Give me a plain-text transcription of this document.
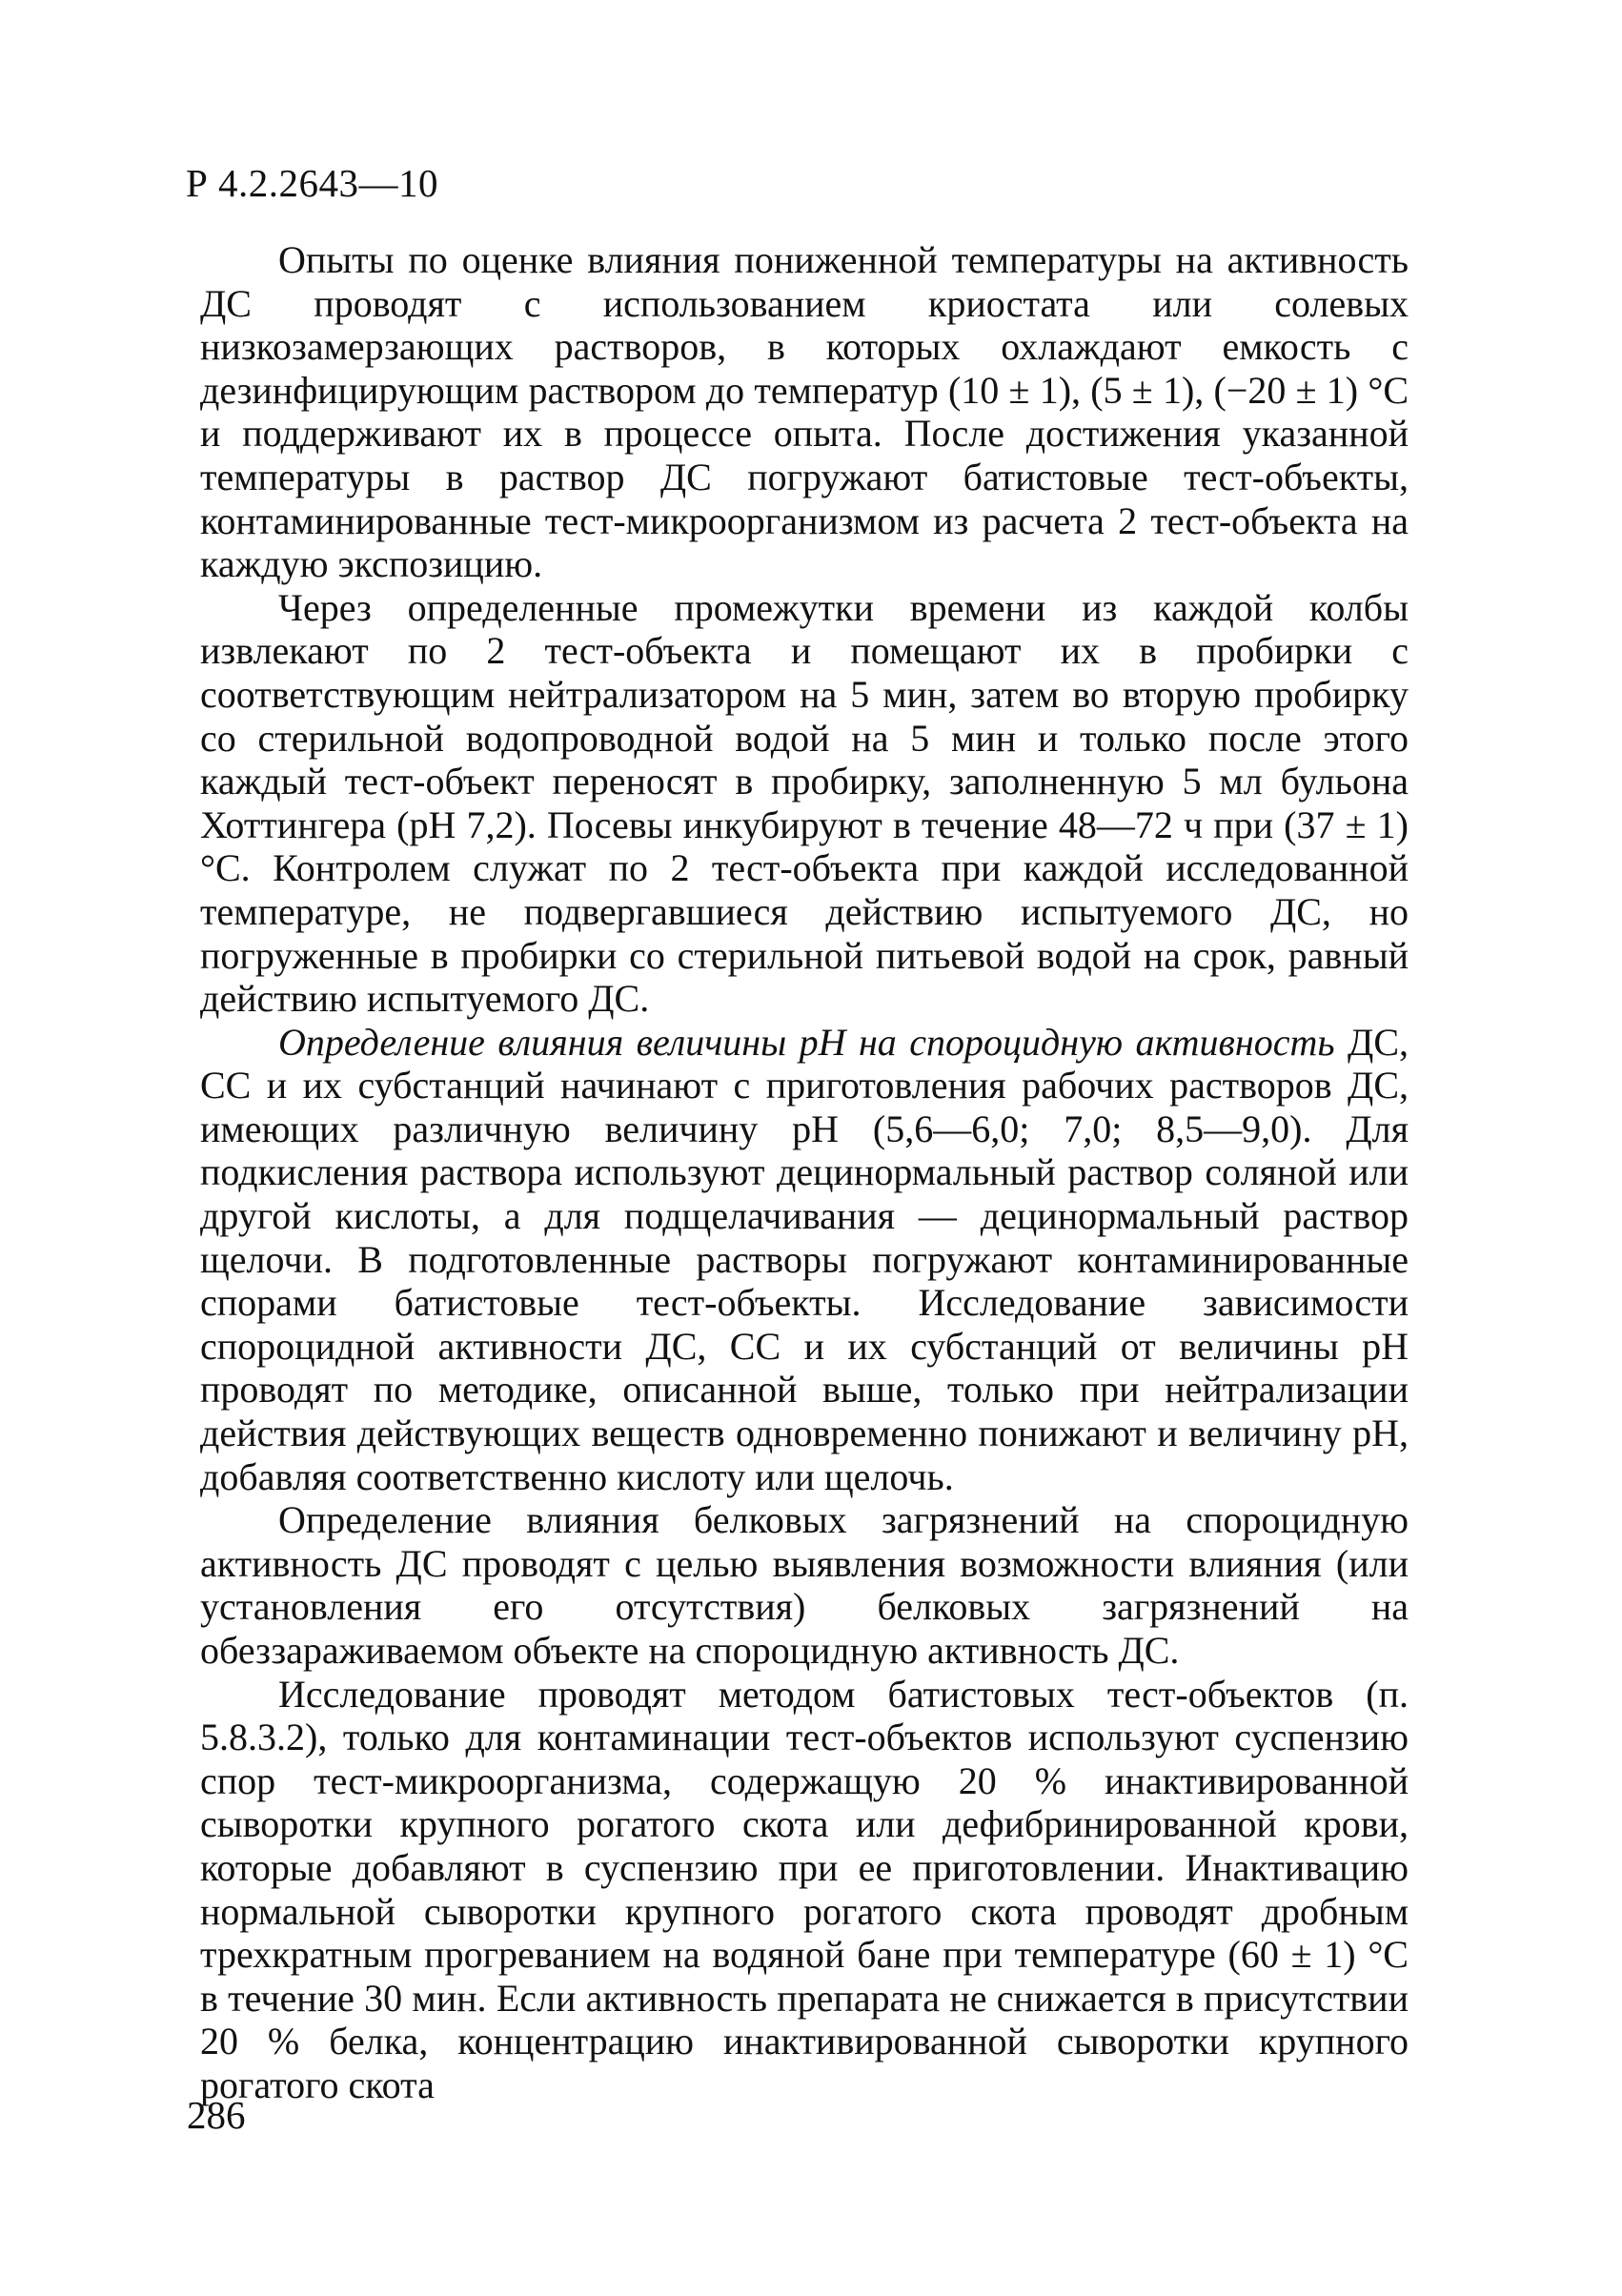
Р 4.2.2643—10

Опыты по оценке влияния пониженной температуры на активность ДС проводят с использованием криостата или солевых низкозамерзающих растворов, в которых охлаждают емкость с дезинфицирующим раствором до температур (10 ± 1), (5 ± 1), (−20 ± 1) °С и поддерживают их в процессе опыта. После достижения указанной температуры в раствор ДС погружают батистовые тест-объекты, контаминированные тест-микроорганизмом из расчета 2 тест-объекта на каждую экспозицию.

Через определенные промежутки времени из каждой колбы извлекают по 2 тест-объекта и помещают их в пробирки с соответствующим нейтрализатором на 5 мин, затем во вторую пробирку со стерильной водопроводной водой на 5 мин и только после этого каждый тест-объект переносят в пробирку, заполненную 5 мл бульона Хоттингера (рН 7,2). Посевы инкубируют в течение 48—72 ч при (37 ± 1) °С. Контролем служат по 2 тест-объекта при каждой исследованной температуре, не подвергавшиеся действию испытуемого ДС, но погруженные в пробирки со стерильной питьевой водой на срок, равный действию испытуемого ДС.

Определение влияния величины рН на спороцидную активность ДС, СС и их субстанций начинают с приготовления рабочих растворов ДС, имеющих различную величину рН (5,6—6,0; 7,0; 8,5—9,0). Для подкисления раствора используют децинормальный раствор соляной или другой кислоты, а для подщелачивания — децинормальный раствор щелочи. В подготовленные растворы погружают контаминированные спорами батистовые тест-объекты. Исследование зависимости спороцидной активности ДС, СС и их субстанций от величины рН проводят по методике, описанной выше, только при нейтрализации действия действующих веществ одновременно понижают и величину рН, добавляя соответственно кислоту или щелочь.

Определение влияния белковых загрязнений на спороцидную активность ДС проводят с целью выявления возможности влияния (или установления его отсутствия) белковых загрязнений на обеззараживаемом объекте на спороцидную активность ДС.

Исследование проводят методом батистовых тест-объектов (п. 5.8.3.2), только для контаминации тест-объектов используют суспензию спор тест-микроорганизма, содержащую 20 % инактивированной сыворотки крупного рогатого скота или дефибринированной крови, которые добавляют в суспензию при ее приготовлении. Инактивацию нормальной сыворотки крупного рогатого скота проводят дробным трехкратным прогреванием на водяной бане при температуре (60 ± 1) °С в течение 30 мин. Если активность препарата не снижается в присутствии 20 % белка, концентрацию инактивированной сыворотки крупного рогатого скота

286
